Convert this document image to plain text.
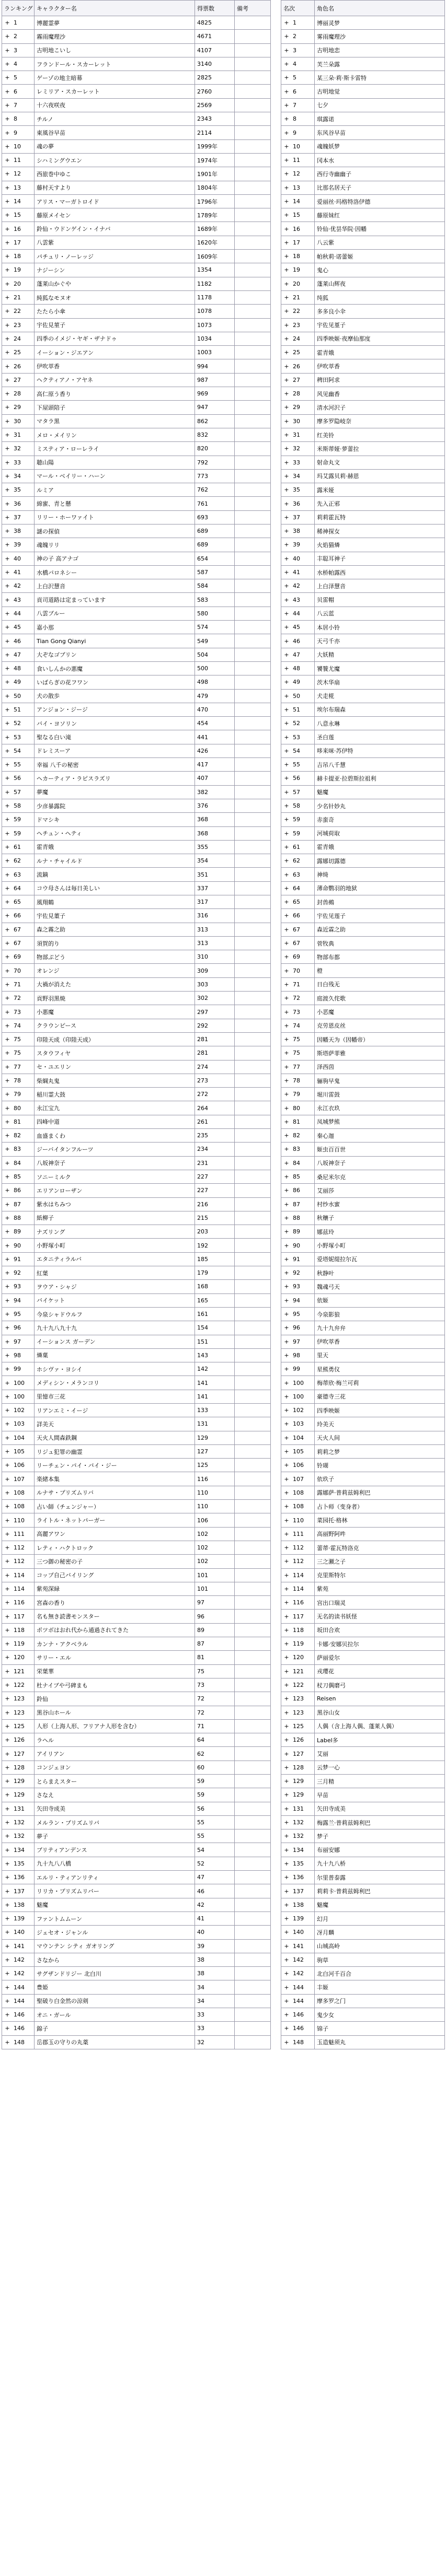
ランキング	キャラクター名	得票数	備考
+ 1	博麗霊夢	4825	
+ 2	霧雨魔理沙	4671	
+ 3	古明地こいし	4107	
+ 4	フランドール・スカーレット	3140	
+ 5	ゲーゾの地主暗幕	2825	
+ 6	レミリア・スカーレット	2760	
+ 7	十六夜咲夜	2569	
+ 8	チルノ	2343	
+ 9	東風谷早苗	2114	
+ 10	魂の夢	1999年	
+ 11	シハミングウエン	1974年	
+ 12	西旅巻中ゆこ	1901年	
+ 13	藤村天すより	1804年	
+ 14	アリス・マーガトロイド	1796年	
+ 15	藤原メイセン	1789年	
+ 16	鈴仙・ウドンゲイン・イナバ	1689年	
+ 17	八雲紫	1620年	
+ 18	パチュリ・ノーレッジ	1609年	
+ 19	ナジーシン	1354	
+ 20	蓬莱山かぐや	1182	
+ 21	純狐なモヌオ	1178	
+ 22	たたら小傘	1078	
+ 23	宇佐見菫子	1073	
+ 24	四季のイメジ・ヤギ・ザナドゥ	1034	
+ 25	イーション・ジエアン	1003	
+ 26	伊吹萃香	994	
+ 27	ヘクティアノ・アヤネ	987	
+ 28	高仁原う香り	969	
+ 29	下屋頭陪子	947	
+ 30	マタラ黒	862	
+ 31	メロ・メイリン	832	
+ 32	ミスティア・ローレライ	820	
+ 33	聴山陽	792	
+ 34	マール・ベイリー・ハーン	773	
+ 35	ルミア	762	
+ 36	綿蜜、青と懸	761	
+ 37	リリー・ホーワァイト	693	
+ 38	謎の探偵	689	
+ 39	魂魄リリ	689	
+ 40	神の子 高アナゴ	654	
+ 41	水橋パロネシー	587	
+ 42	上白沢慧音	584	
+ 43	貢司道路は定まっています	583	
+ 44	八雲ブルー	580	
+ 45	嘉小那	574	
+ 46	Tian Gong Qianyi	549	
+ 47	大ぞなゴブリン	504	
+ 48	食いしんかの悪魔	500	
+ 49	いばらぎの花フワン	498	
+ 50	犬の散歩	479	
+ 51	アンジョン・ジージ	470	
+ 52	バイ・ヨソリン	454	
+ 53	聖なる白い滝	441	
+ 54	ドレミスーア	426	
+ 55	幸福 八千の秘密	417	
+ 56	ヘカーティア・ラピスラズリ	407	
+ 57	夢魔	382	
+ 58	少彦暴露院	376	
+ 59	ドマシキ	368	
+ 59	ヘチュン・ヘティ	368	
+ 61	霍青娥	355	
+ 62	ルナ・チャイルド	354	
+ 63	流鏑	351	
+ 64	コウ母さんは毎日美しい	337	
+ 65	風翔鶴	317	
+ 66	宇佐見董子	316	
+ 67	森之霧之助	313	
+ 67	須賀的り	313	
+ 69	物部ぷどう	310	
+ 70	オレンジ	309	
+ 71	大禍が消えた	303	
+ 72	貢野羽黒焼	302	
+ 73	小悪魔	297	
+ 74	クラウンピース	292	
+ 75	印陸天成（印陸天成）	281	
+ 75	スタウフィヤ	281	
+ 77	セ・ユエリン	274	
+ 78	柴綱丸鬼	273	
+ 79	稲川霊大鼓	272	
+ 80	永江宝九	264	
+ 81	四峰中道	261	
+ 82	血盛まくわ	235	
+ 83	ジーバイタンフルーツ	234	
+ 84	八坂神奈子	231	
+ 85	ソニーミルク	227	
+ 86	エリアンローザン	227	
+ 87	紫水はちみつ	216	
+ 88	紙柳子	215	
+ 89	ナズリング	203	
+ 90	小野塚小町	192	
+ 91	エタニティラルバ	185	
+ 92	紅葉	179	
+ 93	ヲウア・シャジ	168	
+ 94	バイケット	165	
+ 95	今泉シャドウルフ	161	
+ 96	九十九八九十九	154	
+ 97	イーションス ガーデン	151	
+ 98	燐菓	143	
+ 99	ホシヴァ・ヨシイ	142	
+ 100	メディシン・メランコリ	141	
+ 100	里憶市三花	141	
+ 102	リアンエミ・イージ	133	
+ 103	詳美天	131	
+ 104	天火人間森鉄鋼	129	
+ 105	リジュ犯罪の幽霊	127	
+ 106	リーチェン・パイ・パイ・ジー	125	
+ 107	楽緒本集	116	
+ 108	ルナサ・プリズムリバ	110	
+ 108	占い師（チェンジャー）	110	
+ 110	ライトル・ネットパーガー	106	
+ 111	高麗アワン	102	
+ 112	レティ・ハクトロック	102	
+ 112	三つ御の秘密の子	102	
+ 114	コップ自己バイリング	101	
+ 114	紫苑深緑	101	
+ 116	宮森の香り	97	
+ 117	名も無き読書モンスター	96	
+ 118	ポツボはおれ代から通過されてきた	89	
+ 119	カンナ・アクベラル	87	
+ 120	サリー・エル	81	
+ 121	栄葉華	75	
+ 122	杜ナイブや弓碑まも	73	
+ 123	鈴仙	72	
+ 123	黒谷山ホール	72	
+ 125	人形（上海人形、フリアナ人形を含む）	71	
+ 126	ラヘル	64	
+ 127	アイリアン	62	
+ 128	コンジェヨン	60	
+ 129	とらまえスター	59	
+ 129	さなえ	59	
+ 131	矢田寺成美	56	
+ 132	メルラン・プリズムリバ	55	
+ 132	夢子	55	
+ 134	ブリティアンデンス	54	
+ 135	九十九八八橋	52	
+ 136	エルリ・ティアンリティ	47	
+ 137	リリカ・プリズムリバー	46	
+ 138	魅魔	42	
+ 139	ファントムムーン	41	
+ 140	ジェセオ・ジャンル	40	
+ 141	マウンテン シティ ガオリング	39	
+ 142	さなから	38	
+ 142	サグザンドリジー 北白川	38	
+ 144	豊姫	34	
+ 144	聖破り白金然の涼剣	34	
+ 146	オニ・ガール	33	
+ 146	錦子	33	
+ 148	岳郡玉の守りの丸薬	32	
名次	角色名
+ 1	博丽灵梦
+ 2	雾雨魔理沙
+ 3	古明地恋
+ 4	芙兰朵露
+ 5	某三朵·莉·斯卡雷特
+ 6	古明地觉
+ 7	七夕
+ 8	琪露诺
+ 9	东风谷早苗
+ 10	魂魄妖梦
+ 11	冈本水
+ 12	西行寺幽幽子
+ 13	比那名居天子
+ 14	爱丽丝·玛格特洛伊德
+ 15	藤原妹红
+ 16	铃仙·优昙华院·因幡
+ 17	八云紫
+ 18	帕秋莉·诺蕾姬
+ 19	鬼心
+ 20	蓬莱山辉夜
+ 21	纯狐
+ 22	多多良小伞
+ 23	宇佐见堇子
+ 24	四季映姬·夜摩仙那度
+ 25	霍青娥
+ 26	伊吹萃香
+ 27	稗田阿求
+ 28	风见幽香
+ 29	清水河沢子
+ 30	摩多罗隐岐奈
+ 31	红美铃
+ 32	米斯蒂娅·萝蕾拉
+ 33	射命丸文
+ 34	玛艾露贝莉·赫恩
+ 35	露米娅
+ 36	先入正邪
+ 37	莉莉霍瓦特
+ 38	稀神探女
+ 39	火焰猫燐
+ 40	丰聪耳神子
+ 41	水桥帕露西
+ 42	上白泽慧音
+ 43	贝雷帽
+ 44	八云蓝
+ 45	本居小铃
+ 46	天弓千亦
+ 47	大妖精
+ 48	饕餮尤魔
+ 49	茨木华扇
+ 50	犬走椛
+ 51	埃尔布瑞森
+ 52	八意永琳
+ 53	圣白莲
+ 54	哆来咪·苏伊特
+ 55	吉吊八千慧
+ 56	赫卡提亚·拉碧斯拉祖利
+ 57	魅魔
+ 58	少名针妙丸
+ 59	赤蛮奇
+ 59	河城荷取
+ 61	霍青娥
+ 62	露娜切露德
+ 63	神绮
+ 64	薄命鹦羽的地狱
+ 65	封兽鵺
+ 66	宇佐见莲子
+ 67	森近霖之助
+ 67	菅牧典
+ 69	物部布都
+ 70	橙
+ 71	日白残无
+ 72	庭渡久侘歌
+ 73	小恶魔
+ 74	克劳恩皮丝
+ 75	因幡天为（因幡帝）
+ 75	斯塔萨菲雅
+ 77	泽西茵
+ 78	骊驹早鬼
+ 79	堀川雷鼓
+ 80	永江衣玖
+ 81	凤城梦熊
+ 82	秦心迦
+ 83	姬虫百百世
+ 84	八坂神奈子
+ 85	桑尼米尔克
+ 86	艾丽莎
+ 87	村纱水蜜
+ 88	秋穰子
+ 89	娜兹玲
+ 90	小野塚小町
+ 91	爱塔妮缇拉尔瓦
+ 92	秋静叶
+ 93	魏魂弓天
+ 94	依姬
+ 95	今泉影狼
+ 96	九十九弁弁
+ 97	伊吹萃香
+ 98	里天
+ 99	星熊勇仪
+ 100	梅蒂欣·梅兰可莉
+ 100	豪德寺三花
+ 102	四季映姬
+ 103	玲美天
+ 104	天火人间
+ 105	莉莉之梦
+ 106	铃瑚
+ 107	依玖子
+ 108	露娜萨·普莉兹姆利巴
+ 108	占卜师（变身者）
+ 110	菜园托·格林
+ 111	高丽野阿吽
+ 112	蕾蒂·霍瓦特洛克
+ 112	三之瀬之子
+ 114	克里斯特尔
+ 114	紫苑
+ 116	宫出口瑞灵
+ 117	无名的读书妖怪
+ 118	坂田合欢
+ 119	卡娜·安娜贝拉尔
+ 120	萨丽爱尔
+ 121	戎璎花
+ 122	杖刀偶磨弓
+ 123	Reisen
+ 123	黑谷山女
+ 125	人偶（含上海人偶、蓬莱人偶）
+ 126	Label多
+ 127	艾丽
+ 128	云梦一心
+ 129	三月精
+ 129	早苗
+ 131	矢田寺成美
+ 132	梅露兰·普莉兹姆利巴
+ 132	梦子
+ 134	布丽安娜
+ 135	九十九八桥
+ 136	尔里普泰露
+ 137	莉莉卡·普莉兹姆利巴
+ 138	魅魔
+ 139	幻月
+ 140	冴月麟
+ 141	山城高岭
+ 142	驹草
+ 142	北白河千百合
+ 144	丰姬
+ 144	摩多罗之门
+ 146	鬼少女
+ 146	锦子
+ 148	玉造魅须丸
